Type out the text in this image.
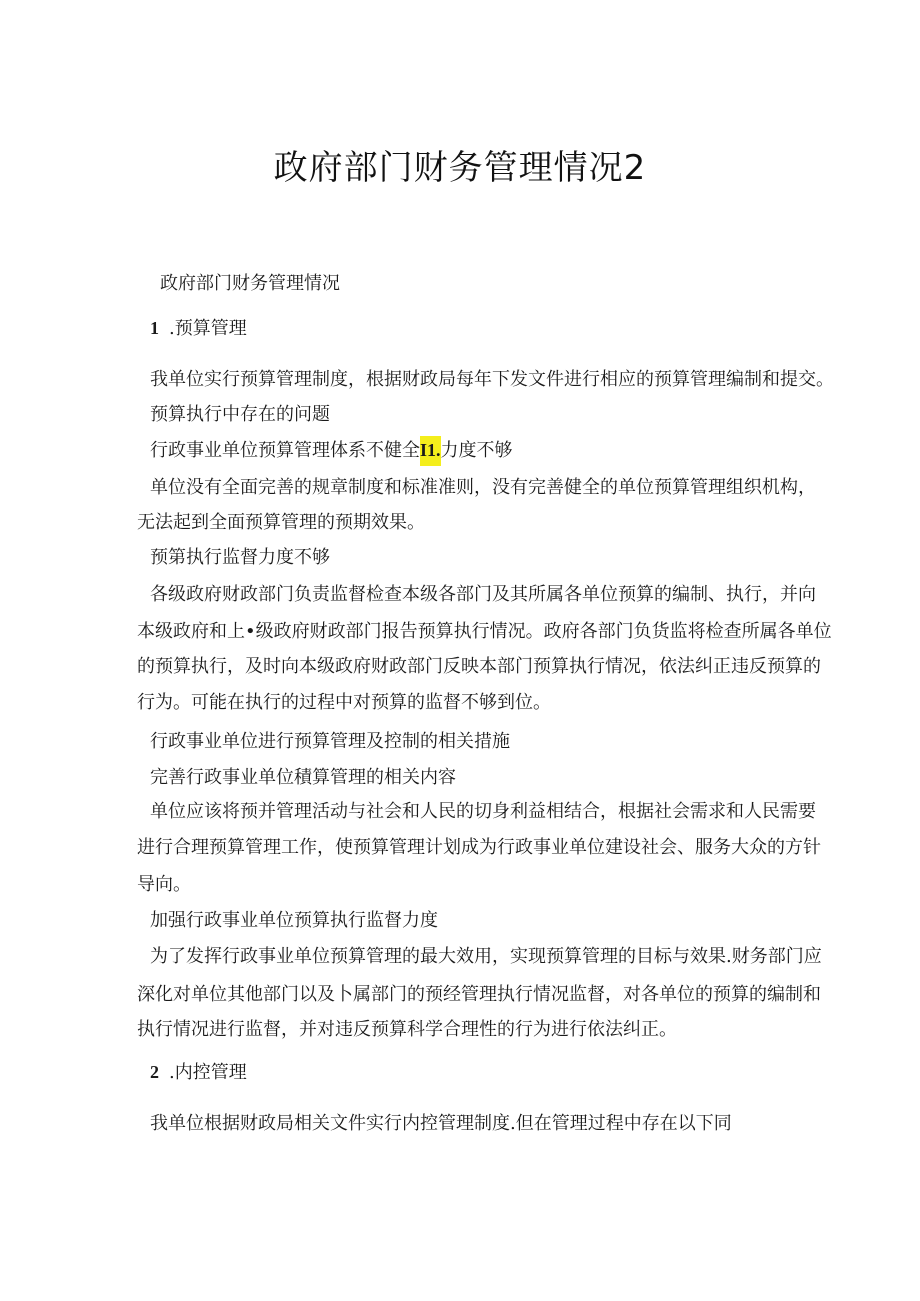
政府部门财务管理情况2
政府部门财务管理情况
1 .预算管理
我单位实行预算管理制度，根据财政局每年下发文件进行相应的预算管理编制和提交。
预算执行中存在的问题
行政事业单位预算管理体系不健全I1.力度不够
单位没有全面完善的规章制度和标准准则，没有完善健全的单位预算管理组织机构，
无法起到全面预算管理的预期效果。
预第执行监督力度不够
各级政府财政部门负责监督检查本级各部门及其所属各单位预算的编制、执行，并向
本级政府和上•级政府财政部门报告预算执行情况。政府各部门负货监将检查所属各单位
的预算执行，及时向本级政府财政部门反映本部门预算执行情况，依法纠正违反预算的
行为。可能在执行的过程中对预算的监督不够到位。
行政事业单位进行预算管理及控制的相关措施
完善行政事业单位積算管理的相关内容
单位应该将预并管理活动与社会和人民的切身利益相结合，根据社会需求和人民需要
进行合理预算管理工作，使预算管理计划成为行政事业单位建设社会、服务大众的方针
导向。
加强行政事业单位预算执行监督力度
为了发挥行政事业单位预算管理的最大效用，实现预算管理的目标与效果.财务部门应
深化对单位其他部门以及卜属部门的预经管理执行情况监督，对各单位的预算的编制和
执行情况进行监督，并对违反预算科学合理性的行为进行依法纠正。
2 .内控管理
我单位根据财政局相关文件实行内控管理制度.但在管理过程中存在以下同
